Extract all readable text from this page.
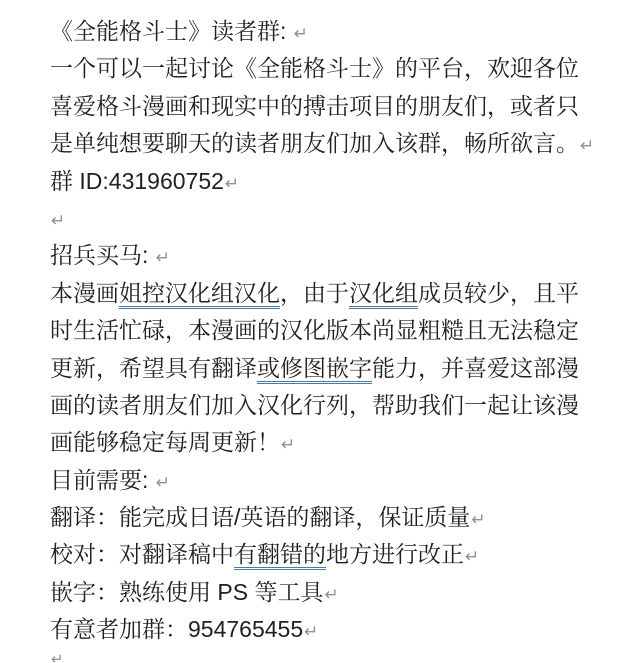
《全能格斗士》读者群: ↵
一个可以一起讨论《全能格斗士》的平台，欢迎各位
喜爱格斗漫画和现实中的搏击项目的朋友们，或者只
是单纯想要聊天的读者朋友们加入该群，畅所欲言。↵
群 ID:431960752↵
↵
招兵买马: ↵
本漫画姐控汉化组汉化，由于汉化组成员较少，且平
时生活忙碌，本漫画的汉化版本尚显粗糙且无法稳定
更新，希望具有翻译或修图嵌字能力，并喜爱这部漫
画的读者朋友们加入汉化行列，帮助我们一起让该漫
画能够稳定每周更新！↵
目前需要: ↵
翻译：能完成日语/英语的翻译，保证质量↵
校对：对翻译稿中有翻错的地方进行改正↵
嵌字：熟练使用 PS 等工具↵
有意者加群：954765455↵
↵
